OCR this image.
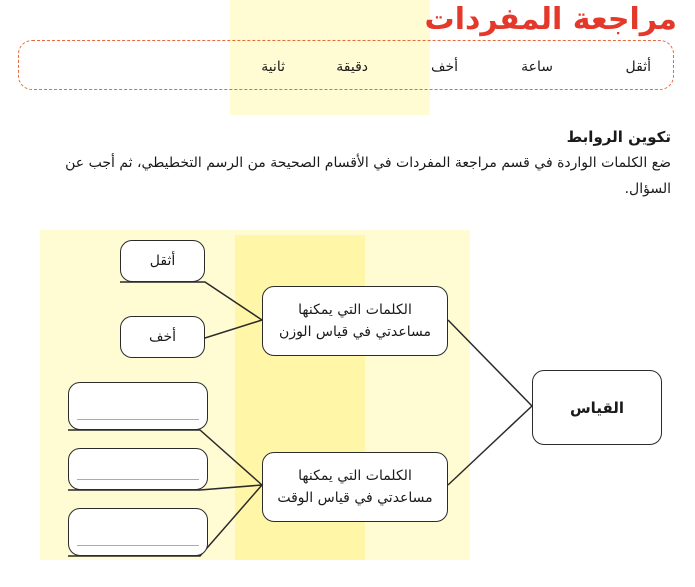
مراجعة المفردات
أثقل
ساعة
أخف
دقيقة
ثانية
تكوين الروابط

ضع الكلمات الواردة في قسم مراجعة المفردات في الأقسام الصحيحة من الرسم التخطيطي، ثم أجب عن السؤال.

أثقل
أخف
الكلمات التي يمكنها
مساعدتي في قياس الوزن
الكلمات التي يمكنها
مساعدتي في قياس الوقت
القياس
